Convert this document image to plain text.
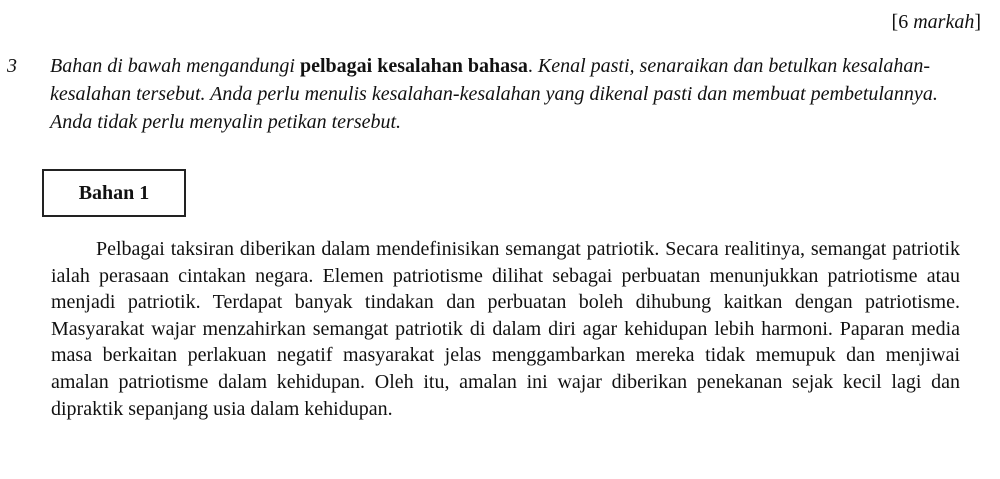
[6 markah]
3 Bahan di bawah mengandungi pelbagai kesalahan bahasa. Kenal pasti, senaraikan dan betulkan kesalahan-kesalahan tersebut. Anda perlu menulis kesalahan-kesalahan yang dikenal pasti dan membuat pembetulannya. Anda tidak perlu menyalin petikan tersebut.
Bahan 1

Pelbagai taksiran diberikan dalam mendefinisikan semangat patriotik. Secara realitinya, semangat patriotik ialah perasaan cintakan negara. Elemen patriotisme dilihat sebagai perbuatan menunjukkan patriotisme atau menjadi patriotik. Terdapat banyak tindakan dan perbuatan boleh dihubung kaitkan dengan patriotisme. Masyarakat wajar menzahirkan semangat patriotik di dalam diri agar kehidupan lebih harmoni. Paparan media masa berkaitan perlakuan negatif masyarakat jelas menggambarkan mereka tidak memupuk dan menjiwai amalan patriotisme dalam kehidupan. Oleh itu, amalan ini wajar diberikan penekanan sejak kecil lagi dan dipraktik sepanjang usia dalam kehidupan.
